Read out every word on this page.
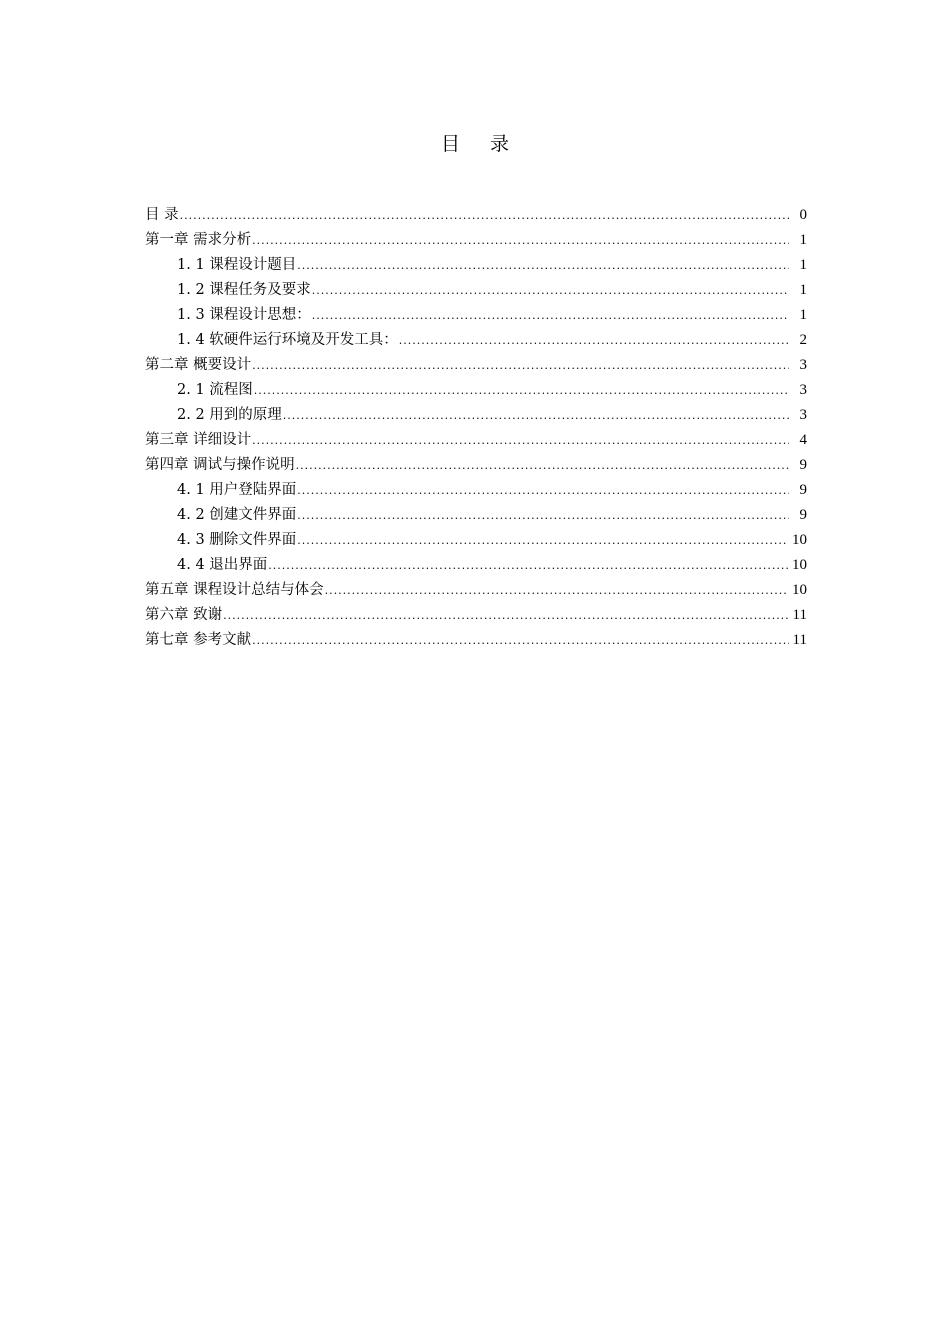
目 录
目 录 .....	0
第一章 需求分析 .....	1
1. 1 课程设计题目 .....	1
1. 2 课程任务及要求 .....	1
1. 3 课程设计思想： .....	1
1. 4 软硬件运行环境及开发工具： .....	2
第二章 概要设计 .....	3
2. 1 流程图 .....	3
2. 2 用到的原理 .....	3
第三章 详细设计 .....	4
第四章 调试与操作说明 .....	9
4. 1 用户登陆界面 .....	9
4. 2 创建文件界面 .....	9
4. 3 删除文件界面 .....	10
4. 4 退出界面 .....	10
第五章 课程设计总结与体会 .....	10
第六章 致谢 .....	11
第七章 参考文献 .....	11
